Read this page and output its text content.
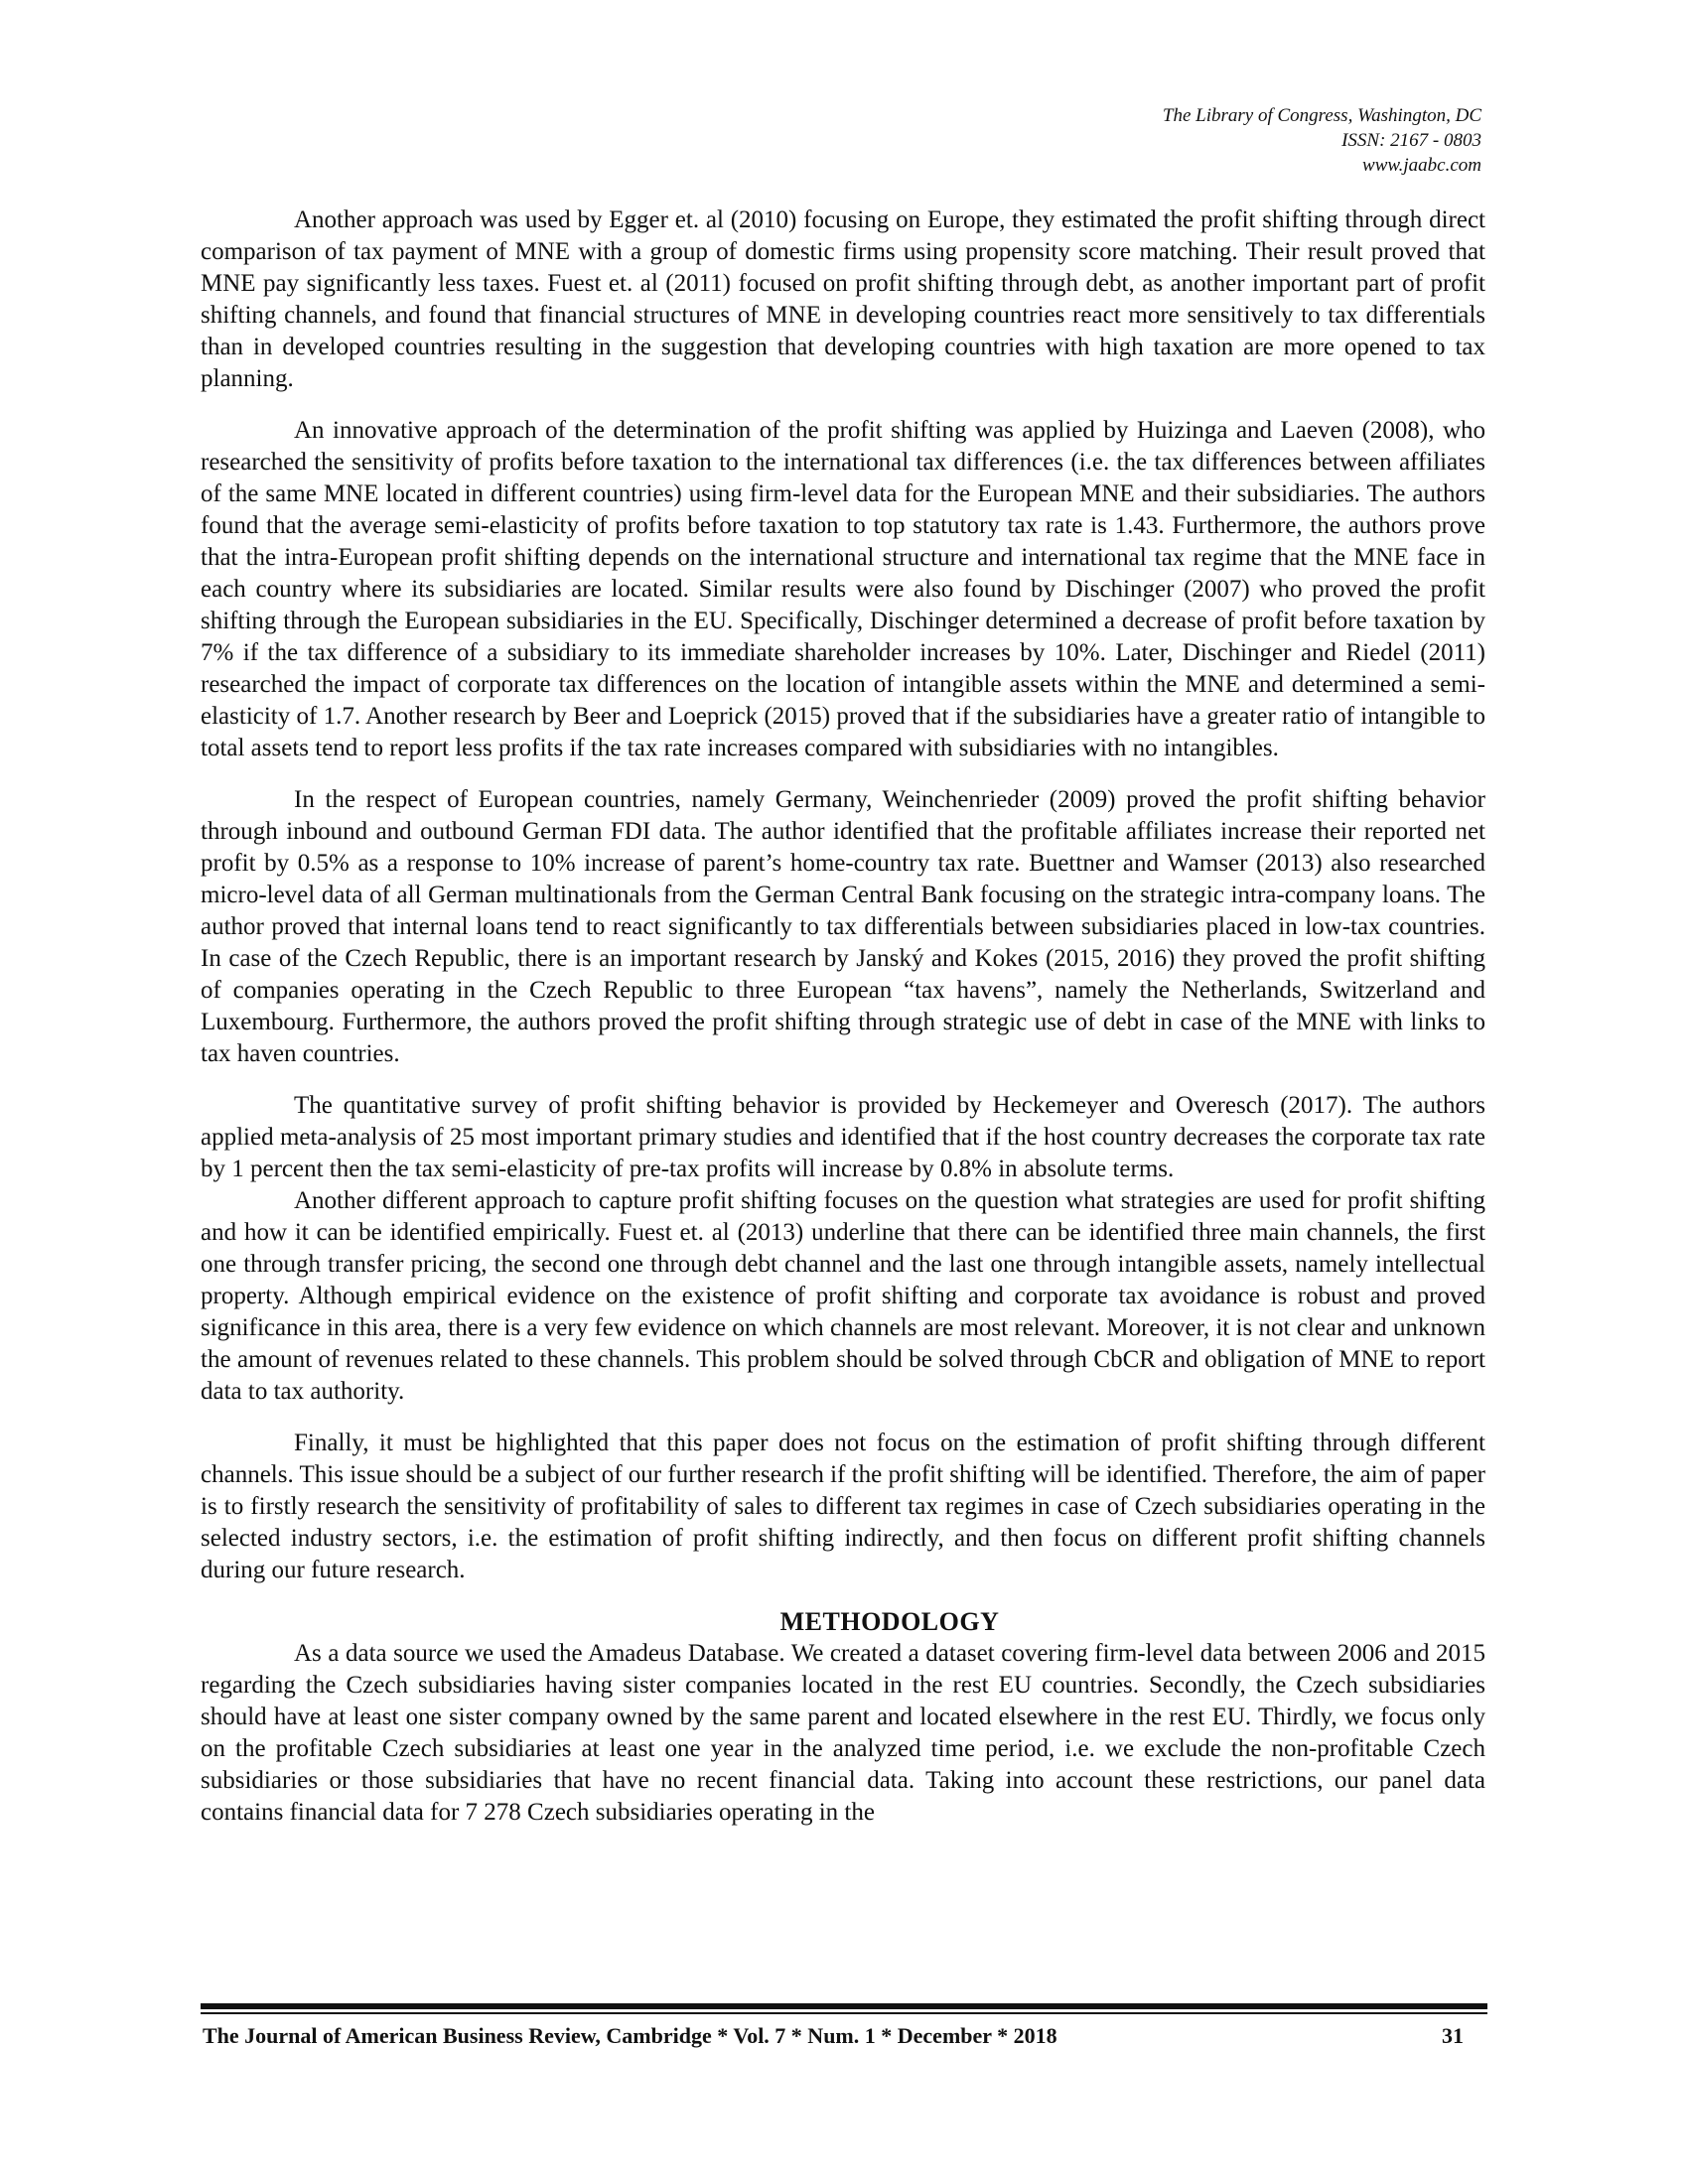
The Library of Congress, Washington, DC
ISSN: 2167 - 0803
www.jaabc.com

Another approach was used by Egger et. al (2010) focusing on Europe, they estimated the profit shifting through direct comparison of tax payment of MNE with a group of domestic firms using propensity score matching. Their result proved that MNE pay significantly less taxes. Fuest et. al (2011) focused on profit shifting through debt, as another important part of profit shifting channels, and found that financial structures of MNE in developing countries react more sensitively to tax differentials than in developed countries resulting in the suggestion that developing countries with high taxation are more opened to tax planning.

An innovative approach of the determination of the profit shifting was applied by Huizinga and Laeven (2008), who researched the sensitivity of profits before taxation to the international tax differences (i.e. the tax differences between affiliates of the same MNE located in different countries) using firm-level data for the European MNE and their subsidiaries. The authors found that the average semi-elasticity of profits before taxation to top statutory tax rate is 1.43. Furthermore, the authors prove that the intra-European profit shifting depends on the international structure and international tax regime that the MNE face in each country where its subsidiaries are located. Similar results were also found by Dischinger (2007) who proved the profit shifting through the European subsidiaries in the EU. Specifically, Dischinger determined a decrease of profit before taxation by 7% if the tax difference of a subsidiary to its immediate shareholder increases by 10%. Later, Dischinger and Riedel (2011) researched the impact of corporate tax differences on the location of intangible assets within the MNE and determined a semi-elasticity of 1.7. Another research by Beer and Loeprick (2015) proved that if the subsidiaries have a greater ratio of intangible to total assets tend to report less profits if the tax rate increases compared with subsidiaries with no intangibles.

In the respect of European countries, namely Germany, Weinchenrieder (2009) proved the profit shifting behavior through inbound and outbound German FDI data. The author identified that the profitable affiliates increase their reported net profit by 0.5% as a response to 10% increase of parent’s home-country tax rate. Buettner and Wamser (2013) also researched micro-level data of all German multinationals from the German Central Bank focusing on the strategic intra-company loans. The author proved that internal loans tend to react significantly to tax differentials between subsidiaries placed in low-tax countries. In case of the Czech Republic, there is an important research by Janský and Kokes (2015, 2016) they proved the profit shifting of companies operating in the Czech Republic to three European “tax havens”, namely the Netherlands, Switzerland and Luxembourg. Furthermore, the authors proved the profit shifting through strategic use of debt in case of the MNE with links to tax haven countries.

The quantitative survey of profit shifting behavior is provided by Heckemeyer and Overesch (2017). The authors applied meta-analysis of 25 most important primary studies and identified that if the host country decreases the corporate tax rate by 1 percent then the tax semi-elasticity of pre-tax profits will increase by 0.8% in absolute terms.

Another different approach to capture profit shifting focuses on the question what strategies are used for profit shifting and how it can be identified empirically. Fuest et. al (2013) underline that there can be identified three main channels, the first one through transfer pricing, the second one through debt channel and the last one through intangible assets, namely intellectual property. Although empirical evidence on the existence of profit shifting and corporate tax avoidance is robust and proved significance in this area, there is a very few evidence on which channels are most relevant. Moreover, it is not clear and unknown the amount of revenues related to these channels. This problem should be solved through CbCR and obligation of MNE to report data to tax authority.

Finally, it must be highlighted that this paper does not focus on the estimation of profit shifting through different channels. This issue should be a subject of our further research if the profit shifting will be identified. Therefore, the aim of paper is to firstly research the sensitivity of profitability of sales to different tax regimes in case of Czech subsidiaries operating in the selected industry sectors, i.e. the estimation of profit shifting indirectly, and then focus on different profit shifting channels during our future research.

METHODOLOGY

As a data source we used the Amadeus Database. We created a dataset covering firm-level data between 2006 and 2015 regarding the Czech subsidiaries having sister companies located in the rest EU countries. Secondly, the Czech subsidiaries should have at least one sister company owned by the same parent and located elsewhere in the rest EU. Thirdly, we focus only on the profitable Czech subsidiaries at least one year in the analyzed time period, i.e. we exclude the non-profitable Czech subsidiaries or those subsidiaries that have no recent financial data. Taking into account these restrictions, our panel data contains financial data for 7 278 Czech subsidiaries operating in the

The Journal of American Business Review, Cambridge * Vol. 7 * Num. 1 * December * 2018	31
